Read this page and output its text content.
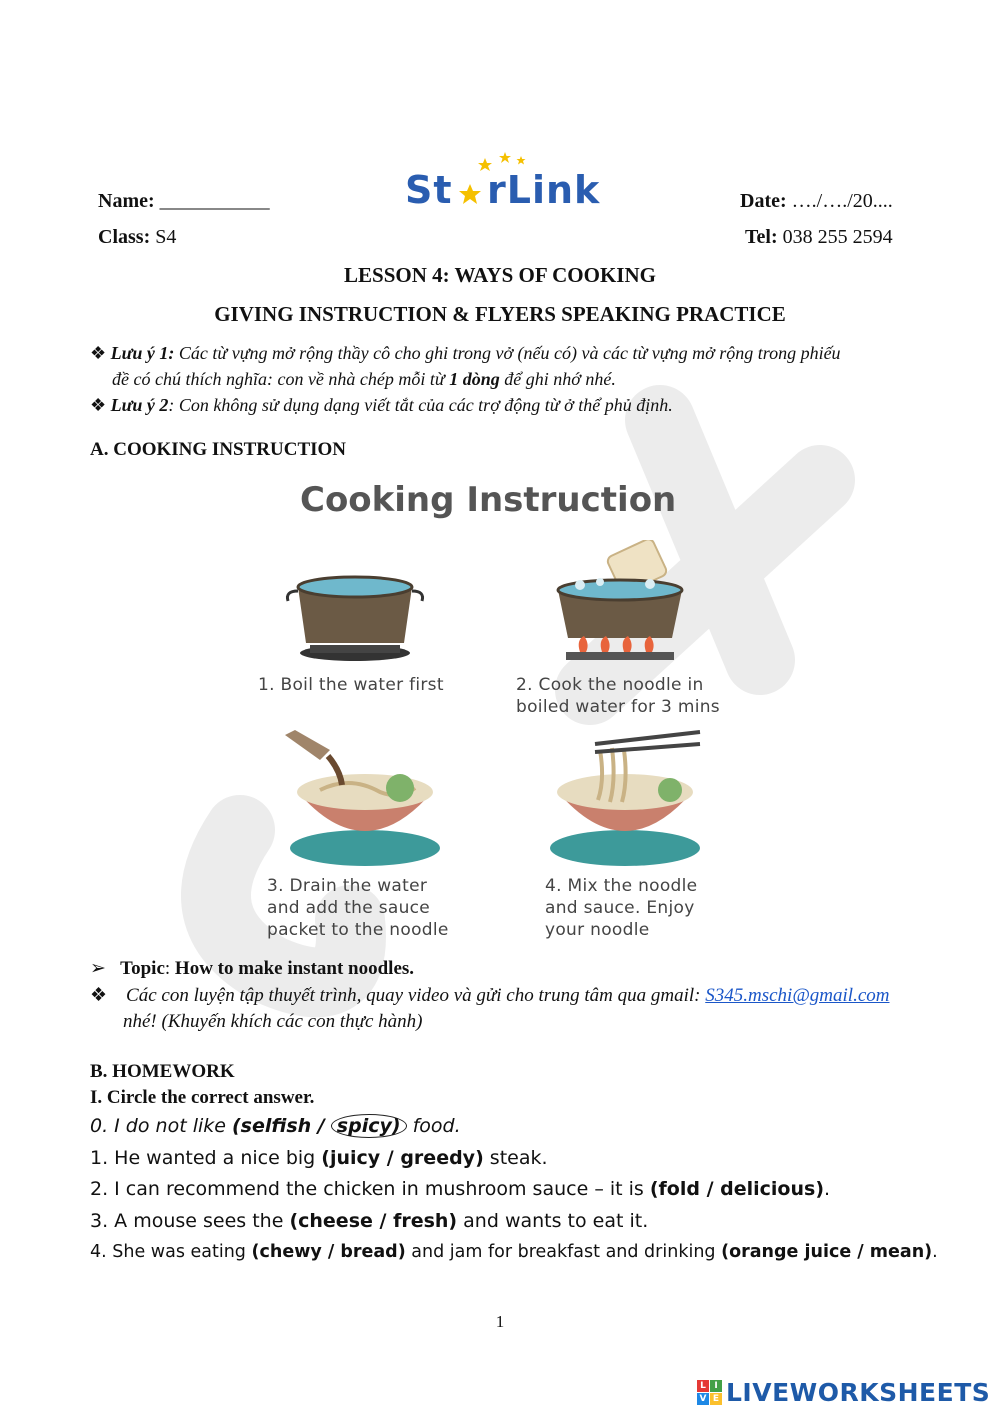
Name: ___________	St rLink	Date: …./…./20....
Class: S4	Tel: 038 255 2594
LESSON 4: WAYS OF COOKING
GIVING INSTRUCTION & FLYERS SPEAKING PRACTICE
❖ Lưu ý 1: Các từ vựng mở rộng thầy cô cho ghi trong vở (nếu có) và các từ vựng mở rộng trong phiếu
đề có chú thích nghĩa: con về nhà chép mỗi từ 1 dòng để ghi nhớ nhé.
❖ Lưu ý 2: Con không sử dụng dạng viết tắt của các trợ động từ ở thể phủ định.
A. COOKING INSTRUCTION
Cooking Instruction
1. Boil the water first	2. Cook the noodle in
boiled water for 3 mins
3. Drain the water
and add the sauce
packet to the noodle
4. Mix the noodle
and sauce. Enjoy
your noodle
➢ Topic: How to make instant noodles.
❖ Các con luyện tập thuyết trình, quay video và gửi cho trung tâm qua gmail: S345.mschi@gmail.com
nhé! (Khuyến khích các con thực hành)
B. HOMEWORK
I. Circle the correct answer.
0. I do not like (selfish / spicy) food.
1. He wanted a nice big (juicy / greedy) steak.
2. I can recommend the chicken in mushroom sauce – it is (fold / delicious).
3. A mouse sees the (cheese / fresh) and wants to eat it.
4. She was eating (chewy / bread) and jam for breakfast and drinking (orange juice / mean).
1
L I
V E LIVEWORKSHEETS
